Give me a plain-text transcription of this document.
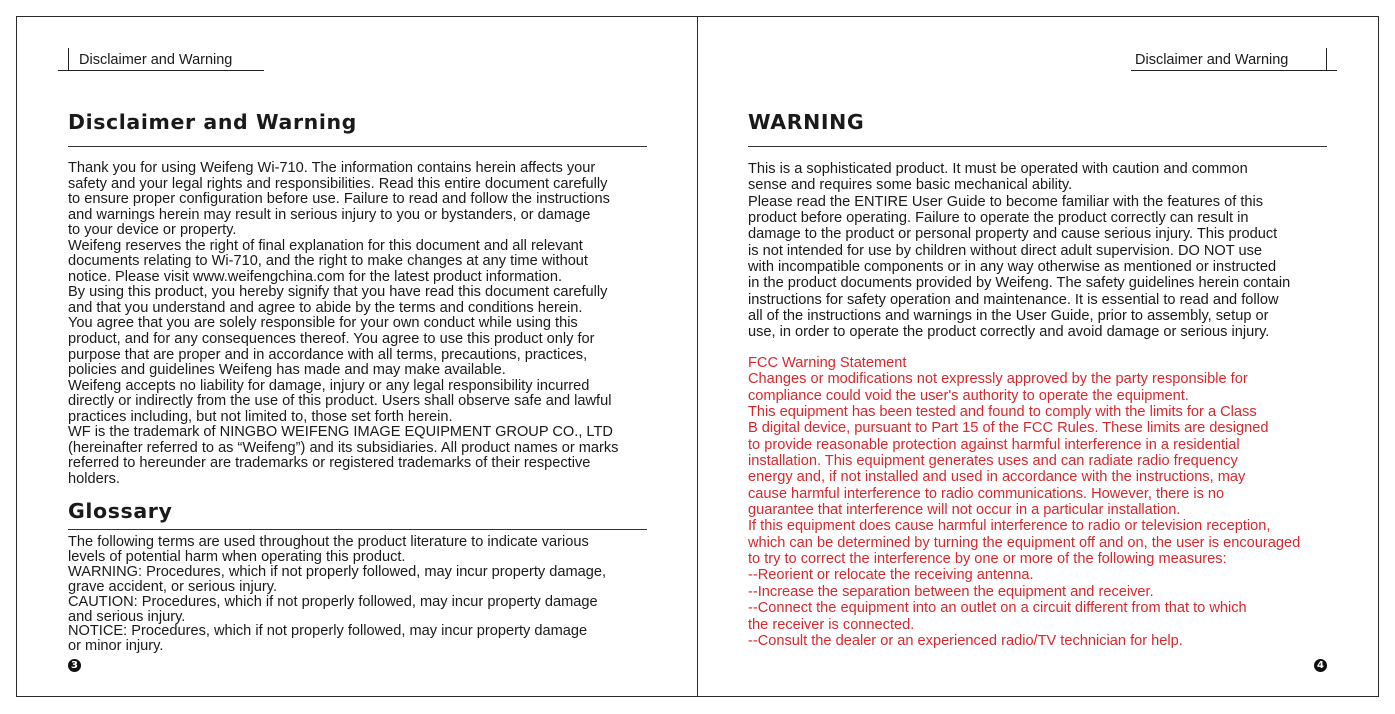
Disclaimer and Warning
Disclaimer and Warning
Thank you for using Weifeng Wi-710. The information contains herein affects your
safety and your legal rights and responsibilities. Read this entire document carefully
to ensure proper configuration before use. Failure to read and follow the instructions
and warnings herein may result in serious injury to you or bystanders, or damage
to your device or property.
Weifeng reserves the right of final explanation for this document and all relevant
documents relating to Wi-710, and the right to make changes at any time without
notice. Please visit www.weifengchina.com for the latest product information.
By using this product, you hereby signify that you have read this document carefully
and that you understand and agree to abide by the terms and conditions herein.
You agree that you are solely responsible for your own conduct while using this
product, and for any consequences thereof. You agree to use this product only for
purpose that are proper and in accordance with all terms, precautions, practices,
policies and guidelines Weifeng has made and may make available.
Weifeng accepts no liability for damage, injury or any legal responsibility incurred
directly or indirectly from the use of this product. Users shall observe safe and lawful
practices including, but not limited to, those set forth herein.
WF is the trademark of NINGBO WEIFENG IMAGE EQUIPMENT GROUP CO., LTD
(hereinafter referred to as “Weifeng”) and its subsidiaries. All product names or marks
referred to hereunder are trademarks or registered trademarks of their respective
holders.
Glossary
The following terms are used throughout the product literature to indicate various
levels of potential harm when operating this product.
WARNING: Procedures, which if not properly followed, may incur property damage,
grave accident, or serious injury.
CAUTION: Procedures, which if not properly followed, may incur property damage
and serious injury.
NOTICE: Procedures, which if not properly followed, may incur property damage
or minor injury.
3
Disclaimer and Warning
WARNING
This is a sophisticated product. It must be operated with caution and common
sense and requires some basic mechanical ability.
Please read the ENTIRE User Guide to become familiar with the features of this
product before operating. Failure to operate the product correctly can result in
damage to the product or personal property and cause serious injury. This product
is not intended for use by children without direct adult supervision. DO NOT use
with incompatible components or in any way otherwise as mentioned or instructed
in the product documents provided by Weifeng. The safety guidelines herein contain
instructions for safety operation and maintenance. It is essential to read and follow
all of the instructions and warnings in the User Guide, prior to assembly, setup or
use, in order to operate the product correctly and avoid damage or serious injury.
FCC Warning Statement
Changes or modifications not expressly approved by the party responsible for
compliance could void the user's authority to operate the equipment.
This equipment has been tested and found to comply with the limits for a Class
B digital device, pursuant to Part 15 of the FCC Rules. These limits are designed
to provide reasonable protection against harmful interference in a residential
installation. This equipment generates uses and can radiate radio frequency
energy and, if not installed and used in accordance with the instructions, may
cause harmful interference to radio communications. However, there is no
guarantee that interference will not occur in a particular installation.
If this equipment does cause harmful interference to radio or television reception,
which can be determined by turning the equipment off and on, the user is encouraged
to try to correct the interference by one or more of the following measures:
--Reorient or relocate the receiving antenna.
--Increase the separation between the equipment and receiver.
--Connect the equipment into an outlet on a circuit different from that to which
the receiver is connected.
--Consult the dealer or an experienced radio/TV technician for help.
4
